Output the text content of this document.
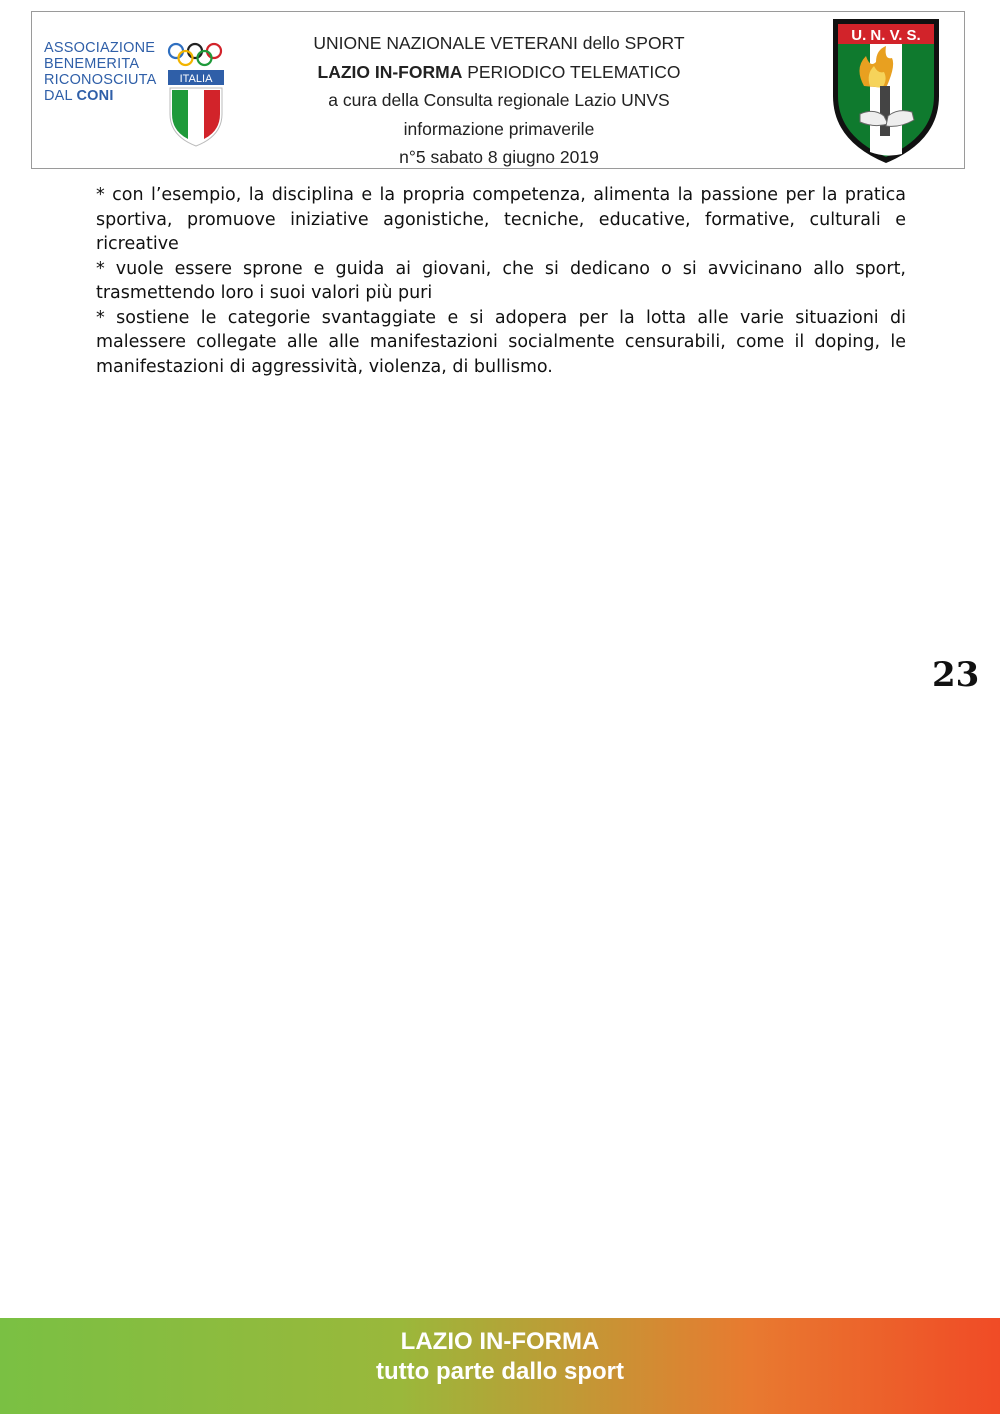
ASSOCIAZIONE
BENEMERITA
RICONOSCIUTA
DAL CONI
ITALIA
UNIONE NAZIONALE VETERANI dello SPORT
LAZIO IN-FORMA PERIODICO TELEMATICO
a cura della Consulta regionale Lazio UNVS
informazione primaverile
n°5 sabato 8 giugno 2019
U. N. V. S.

* con l’esempio, la disciplina e la propria competenza, alimenta la passione per la pratica sportiva, promuove iniziative agonistiche, tecniche, educative, formative, culturali e ricreative

* vuole essere sprone e guida ai giovani, che si dedicano o si avvicinano allo sport, trasmettendo loro i suoi valori più puri

* sostiene le categorie svantaggiate e si adopera per la lotta alle varie situazioni di malessere collegate alle alle manifestazioni socialmente censurabili, come il doping, le manifestazioni di aggressività, violenza, di bullismo.

23
LAZIO IN-FORMA
tutto parte dallo sport
